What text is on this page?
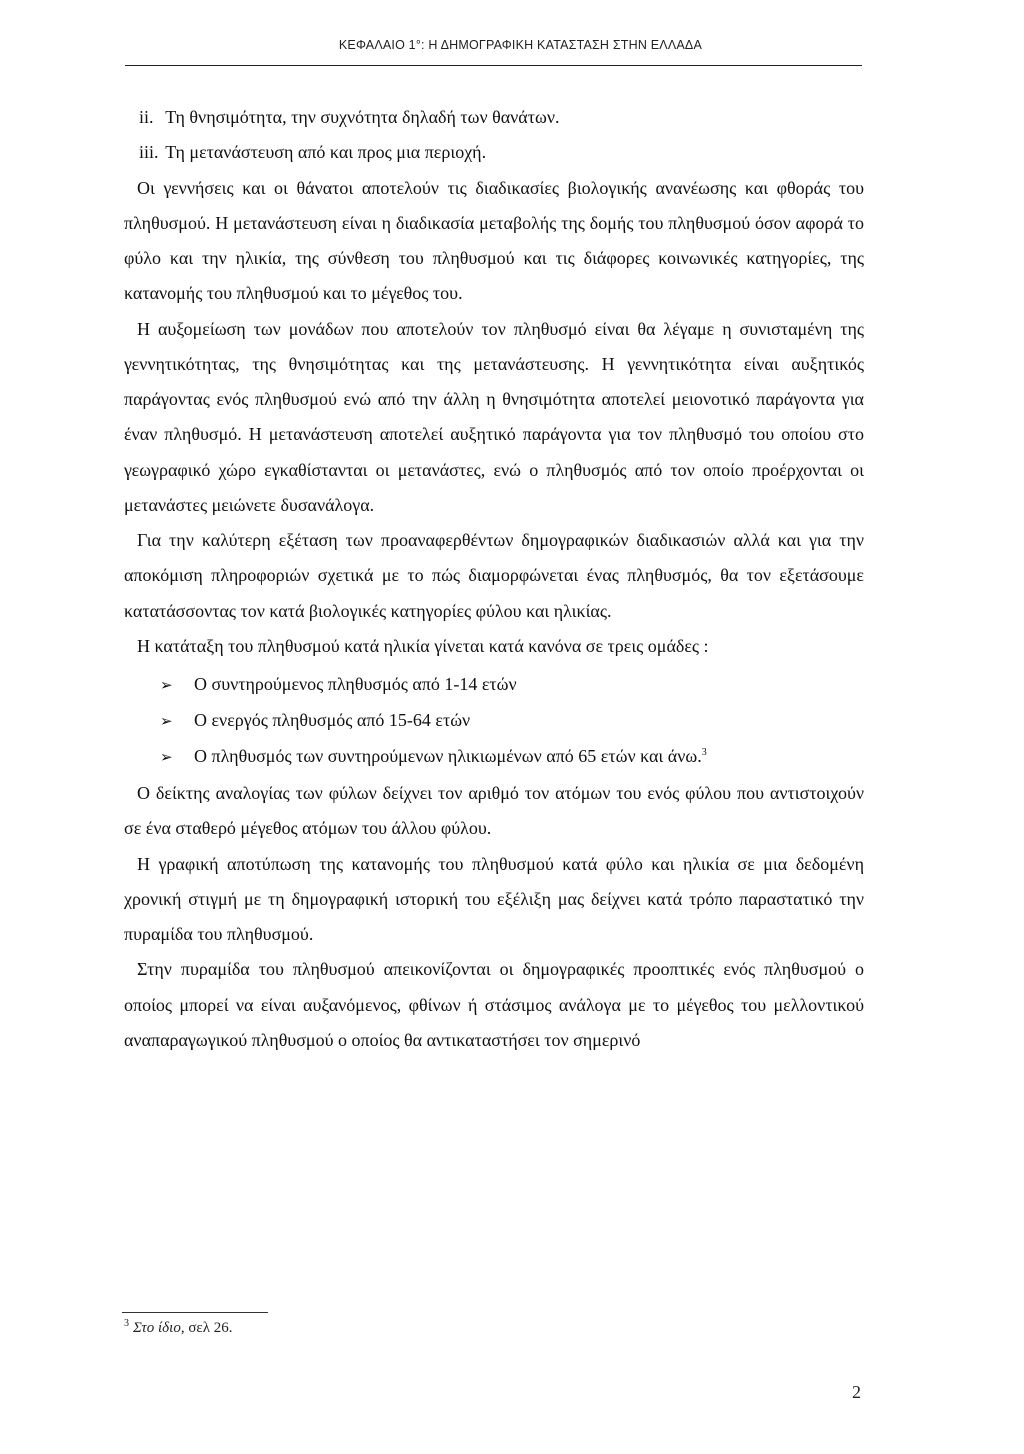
ΚΕΦΑΛΑΙΟ 1°: Η ΔΗΜΟΓΡΑΦΙΚΗ ΚΑΤΑΣΤΑΣΗ ΣΤΗΝ ΕΛΛΑΔΑ
ii. Τη θνησιμότητα, την συχνότητα δηλαδή των θανάτων.
iii. Τη μετανάστευση από και προς μια περιοχή.

Οι γεννήσεις και οι θάνατοι αποτελούν τις διαδικασίες βιολογικής ανανέωσης και φθοράς του πληθυσμού. Η μετανάστευση είναι η διαδικασία μεταβολής της δομής του πληθυσμού όσον αφορά το φύλο και την ηλικία, της σύνθεση του πληθυσμού και τις διάφορες κοινωνικές κατηγορίες, της κατανομής του πληθυσμού και το μέγεθος του.

Η αυξομείωση των μονάδων που αποτελούν τον πληθυσμό είναι θα λέγαμε η συνισταμένη της γεννητικότητας, της θνησιμότητας και της μετανάστευσης. Η γεννητικότητα είναι αυξητικός παράγοντας ενός πληθυσμού ενώ από την άλλη η θνησιμότητα αποτελεί μειονοτικό παράγοντα για έναν πληθυσμό. Η μετανάστευση αποτελεί αυξητικό παράγοντα για τον πληθυσμό του οποίου στο γεωγραφικό χώρο εγκαθίστανται οι μετανάστες, ενώ ο πληθυσμός από τον οποίο προέρχονται οι μετανάστες μειώνετε δυσανάλογα.

Για την καλύτερη εξέταση των προαναφερθέντων δημογραφικών διαδικασιών αλλά και για την αποκόμιση πληροφοριών σχετικά με το πώς διαμορφώνεται ένας πληθυσμός, θα τον εξετάσουμε κατατάσσοντας τον κατά βιολογικές κατηγορίες φύλου και ηλικίας.

Η κατάταξη του πληθυσμού κατά ηλικία γίνεται κατά κανόνα σε τρεις ομάδες :

➢	Ο συντηρούμενος πληθυσμός από 1-14 ετών
➢	Ο ενεργός πληθυσμός από 15-64 ετών
➢	Ο πληθυσμός των συντηρούμενων ηλικιωμένων από 65 ετών και άνω.$^3$

Ο δείκτης αναλογίας των φύλων δείχνει τον αριθμό τον ατόμων του ενός φύλου που αντιστοιχούν σε ένα σταθερό μέγεθος ατόμων του άλλου φύλου.

Η γραφική αποτύπωση της κατανομής του πληθυσμού κατά φύλο και ηλικία σε μια δεδομένη χρονική στιγμή με τη δημογραφική ιστορική του εξέλιξη μας δείχνει κατά τρόπο παραστατικό την πυραμίδα του πληθυσμού.

Στην πυραμίδα του πληθυσμού απεικονίζονται οι δημογραφικές προοπτικές ενός πληθυσμού ο οποίος μπορεί να είναι αυξανόμενος, φθίνων ή στάσιμος ανάλογα με το μέγεθος του μελλοντικού αναπαραγωγικού πληθυσμού ο οποίος θα αντικαταστήσει τον σημερινό

$^3$ Στο ίδιο, σελ 26.
2
